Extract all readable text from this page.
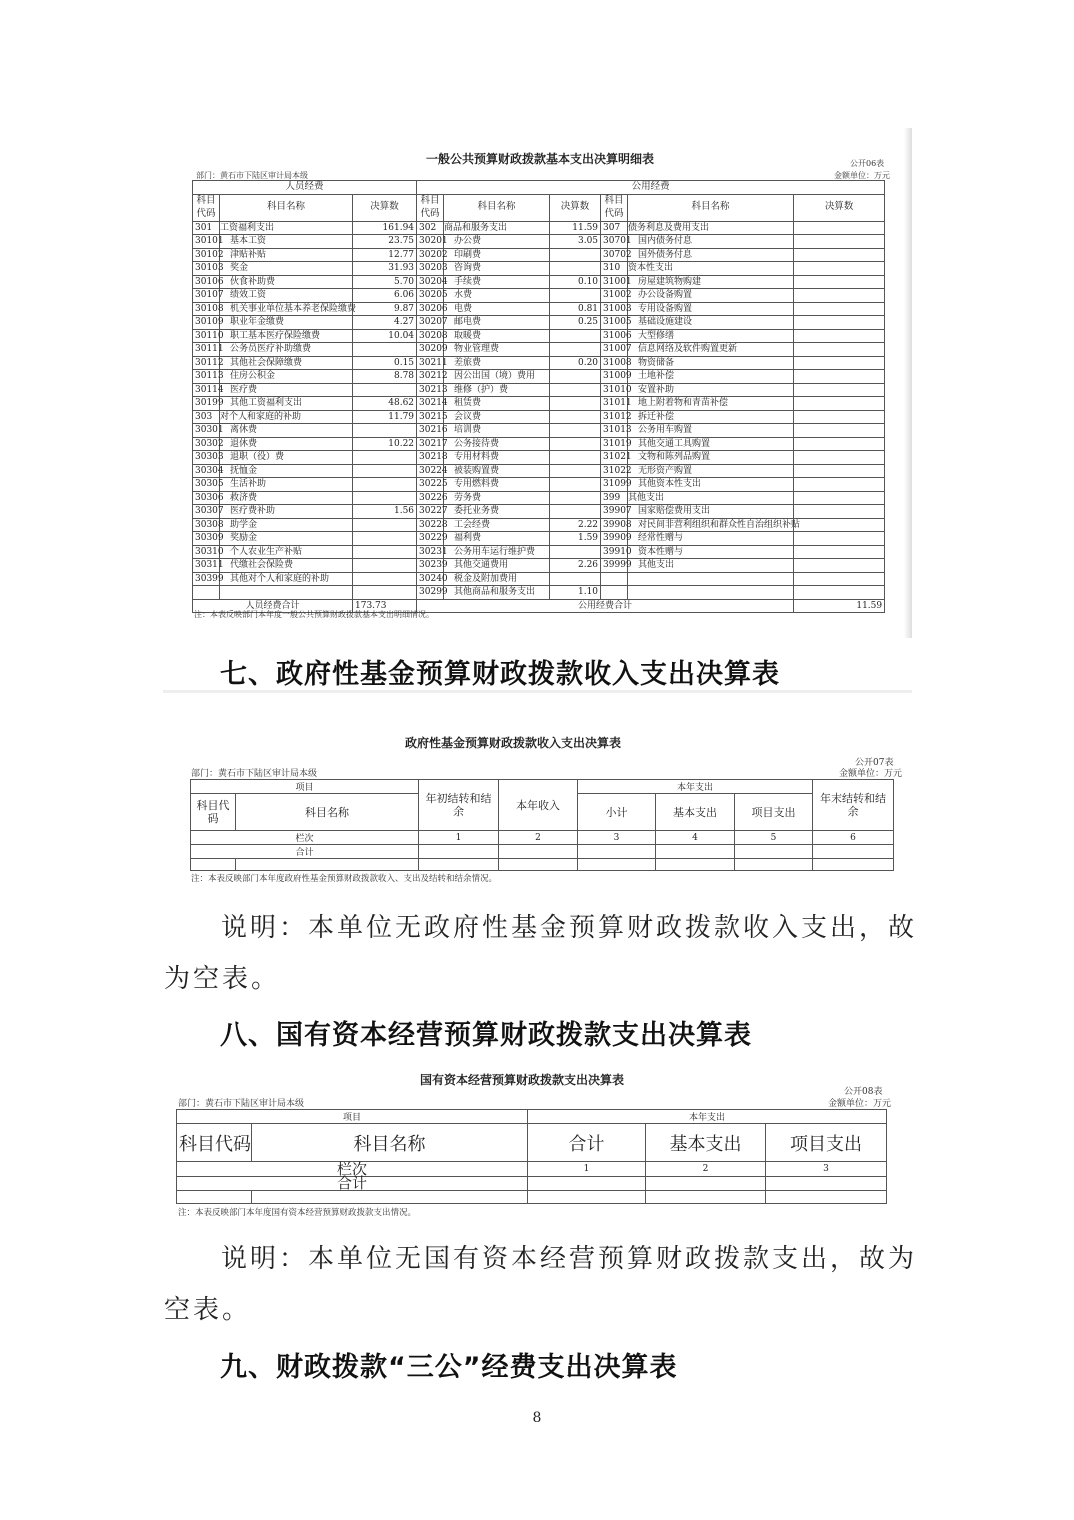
一般公共预算财政拨款基本支出决算明细表	公开06表
部门：黄石市下陆区审计局本级	金额单位：万元
人员经费			公用经费					
科目代码	科目名称	决算数	科目代码	科目名称	决算数	科目代码	科目名称	决算数
301	工资福利支出	161.94	302	商品和服务支出	11.59	307	债务利息及费用支出	
30101	基本工资	23.75	30201	办公费	3.05	30701	国内债务付息	
30102	津贴补贴	12.77	30202	印刷费		30702	国外债务付息	
30103	奖金	31.93	30203	咨询费		310	资本性支出	
30106	伙食补助费	5.70	30204	手续费	0.10	31001	房屋建筑物购建	
30107	绩效工资	6.06	30205	水费		31002	办公设备购置	
30108	机关事业单位基本养老保险缴费	9.87	30206	电费	0.81	31003	专用设备购置	
30109	职业年金缴费	4.27	30207	邮电费	0.25	31005	基础设施建设	
30110	职工基本医疗保险缴费	10.04	30208	取暖费		31006	大型修缮	
30111	公务员医疗补助缴费		30209	物业管理费		31007	信息网络及软件购置更新	
30112	其他社会保障缴费	0.15	30211	差旅费	0.20	31008	物资储备	
30113	住房公积金	8.78	30212	因公出国（境）费用		31009	土地补偿	
30114	医疗费		30213	维修（护）费		31010	安置补助	
30199	其他工资福利支出	48.62	30214	租赁费		31011	地上附着物和青苗补偿	
303	对个人和家庭的补助	11.79	30215	会议费		31012	拆迁补偿	
30301	离休费		30216	培训费		31013	公务用车购置	
30302	退休费	10.22	30217	公务接待费		31019	其他交通工具购置	
30303	退职（役）费		30218	专用材料费		31021	文物和陈列品购置	
30304	抚恤金		30224	被装购置费		31022	无形资产购置	
30305	生活补助		30225	专用燃料费		31099	其他资本性支出	
30306	救济费		30226	劳务费		399	其他支出	
30307	医疗费补助	1.56	30227	委托业务费		39907	国家赔偿费用支出	
30308	助学金		30228	工会经费	2.22	39908	对民间非营利组织和群众性自治组织补贴	
30309	奖励金		30229	福利费	1.59	39909	经常性赠与	
30310	个人农业生产补贴		30231	公务用车运行维护费		39910	资本性赠与	
30311	代缴社会保险费		30239	其他交通费用	2.26	39999	其他支出	
30399	其他对个人和家庭的补助		30240	税金及附加费用				
			30299	其他商品和服务支出	1.10			
人员经费合计		173.73	公用经费合计					11.59
注：本表反映部门本年度一般公共预算财政拨款基本支出明细情况。
七、政府性基金预算财政拨款收入支出决算表
政府性基金预算财政拨款收入支出决算表
公开07表
部门：黄石市下陆区审计局本级	金额单位：万元
项目		年初结转和结余	本年收入	本年支出			年末结转和结余
科目代码	科目名称			小计	基本支出	项目支出	
栏次		1	2	3	4	5	6
合计							

注：本表反映部门本年度政府性基金预算财政拨款收入、支出及结转和结余情况。
说明：本单位无政府性基金预算财政拨款收入支出，故
为空表。
八、国有资本经营预算财政拨款支出决算表
国有资本经营预算财政拨款支出决算表
公开08表
部门：黄石市下陆区审计局本级	金额单位：万元
项目		本年支出		
科目代码	科目名称	合计	基本支出	项目支出
栏次		1	2	3
合计				

注：本表反映部门本年度国有资本经营预算财政拨款支出情况。
说明：本单位无国有资本经营预算财政拨款支出，故为
空表。
九、财政拨款“三公”经费支出决算表
8
